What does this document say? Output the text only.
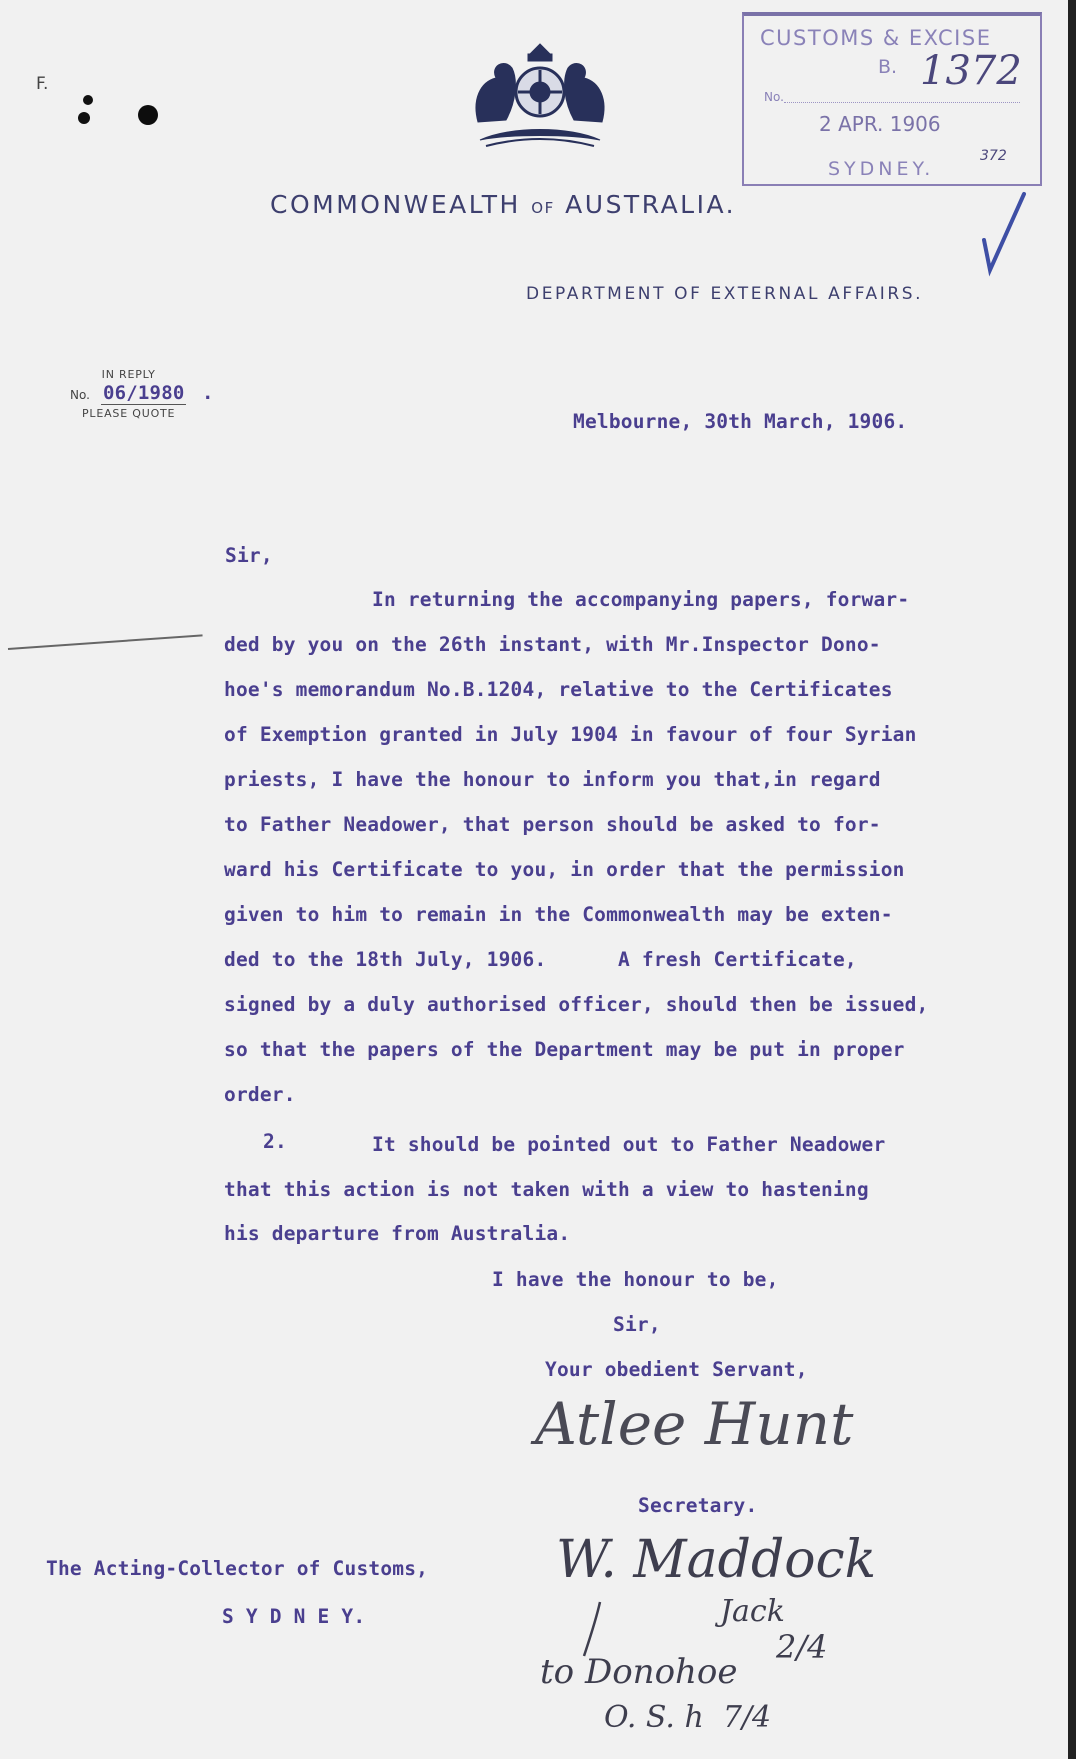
F.
COMMONWEALTH OF AUSTRALIA.
DEPARTMENT OF EXTERNAL AFFAIRS.

IN REPLY

PLEASE QUOTE

No. 06/1980 .
CUSTOMS & EXCISE
B. 1372
No.
2 APR. 1906
SYDNEY.
372
Melbourne, 30th March, 1906.
Sir,
In returning the accompanying papers, forwar-
ded by you on the 26th instant, with Mr.Inspector Dono-
hoe's memorandum No.B.1204, relative to the Certificates
of Exemption granted in July 1904 in favour of four Syrian
priests, I have the honour to inform you that,in regard
to Father Neadower, that person should be asked to for-
ward his Certificate to you, in order that the permission
given to him to remain in the Commonwealth may be exten-
ded to the 18th July, 1906.      A fresh Certificate,
signed by a duly authorised officer, should then be issued,
so that the papers of the Department may be put in proper
order.
2.	It should be pointed out to Father Neadower
that this action is not taken with a view to hastening
his departure from Australia.
I have the honour to be,
Sir,
Your obedient Servant,
Atlee Hunt
Secretary.
The Acting-Collector of Customs,
S Y D N E Y.
W. Maddock
Jack
2/4
to Donohoe
O. S. h  7/4
